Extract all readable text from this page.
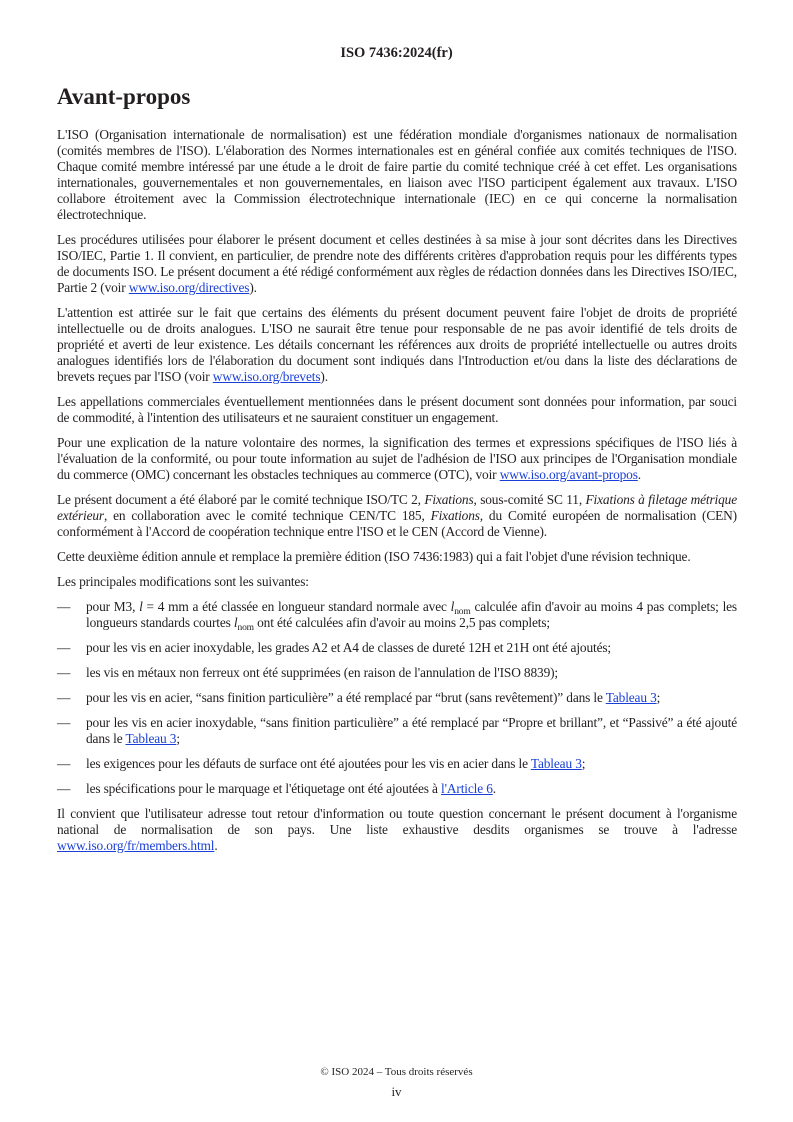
ISO 7436:2024(fr)
Avant-propos

L'ISO (Organisation internationale de normalisation) est une fédération mondiale d'organismes nationaux de normalisation (comités membres de l'ISO). L'élaboration des Normes internationales est en général confiée aux comités techniques de l'ISO. Chaque comité membre intéressé par une étude a le droit de faire partie du comité technique créé à cet effet. Les organisations internationales, gouvernementales et non gouvernementales, en liaison avec l'ISO participent également aux travaux. L'ISO collabore étroitement avec la Commission électrotechnique internationale (IEC) en ce qui concerne la normalisation électrotechnique.

Les procédures utilisées pour élaborer le présent document et celles destinées à sa mise à jour sont décrites dans les Directives ISO/IEC, Partie 1. Il convient, en particulier, de prendre note des différents critères d'approbation requis pour les différents types de documents ISO. Le présent document a été rédigé conformément aux règles de rédaction données dans les Directives ISO/IEC, Partie 2 (voir www.iso.org/directives).

L'attention est attirée sur le fait que certains des éléments du présent document peuvent faire l'objet de droits de propriété intellectuelle ou de droits analogues. L'ISO ne saurait être tenue pour responsable de ne pas avoir identifié de tels droits de propriété et averti de leur existence. Les détails concernant les références aux droits de propriété intellectuelle ou autres droits analogues identifiés lors de l'élaboration du document sont indiqués dans l'Introduction et/ou dans la liste des déclarations de brevets reçues par l'ISO (voir www.iso.org/brevets).

Les appellations commerciales éventuellement mentionnées dans le présent document sont données pour information, par souci de commodité, à l'intention des utilisateurs et ne sauraient constituer un engagement.

Pour une explication de la nature volontaire des normes, la signification des termes et expressions spécifiques de l'ISO liés à l'évaluation de la conformité, ou pour toute information au sujet de l'adhésion de l'ISO aux principes de l'Organisation mondiale du commerce (OMC) concernant les obstacles techniques au commerce (OTC), voir www.iso.org/avant-propos.

Le présent document a été élaboré par le comité technique ISO/TC 2, Fixations, sous-comité SC 11, Fixations à filetage métrique extérieur, en collaboration avec le comité technique CEN/TC 185, Fixations, du Comité européen de normalisation (CEN) conformément à l'Accord de coopération technique entre l'ISO et le CEN (Accord de Vienne).

Cette deuxième édition annule et remplace la première édition (ISO 7436:1983) qui a fait l'objet d'une révision technique.

Les principales modifications sont les suivantes:

— pour M3, l = 4 mm a été classée en longueur standard normale avec $l_{nom}$ calculée afin d'avoir au moins 4 pas complets; les longueurs standards courtes $l_{nom}$ ont été calculées afin d'avoir au moins 2,5 pas complets;
— pour les vis en acier inoxydable, les grades A2 et A4 de classes de dureté 12H et 21H ont été ajoutés;
— les vis en métaux non ferreux ont été supprimées (en raison de l'annulation de l'ISO 8839);
— pour les vis en acier, “sans finition particulière” a été remplacé par “brut (sans revêtement)” dans le Tableau 3;
— pour les vis en acier inoxydable, “sans finition particulière” a été remplacé par “Propre et brillant”, et “Passivé” a été ajouté dans le Tableau 3;
— les exigences pour les défauts de surface ont été ajoutées pour les vis en acier dans le Tableau 3;
— les spécifications pour le marquage et l'étiquetage ont été ajoutées à l'Article 6.

Il convient que l'utilisateur adresse tout retour d'information ou toute question concernant le présent document à l'organisme national de normalisation de son pays. Une liste exhaustive desdits organismes se trouve à l'adresse www.iso.org/fr/members.html.

© ISO 2024 – Tous droits réservés
iv
